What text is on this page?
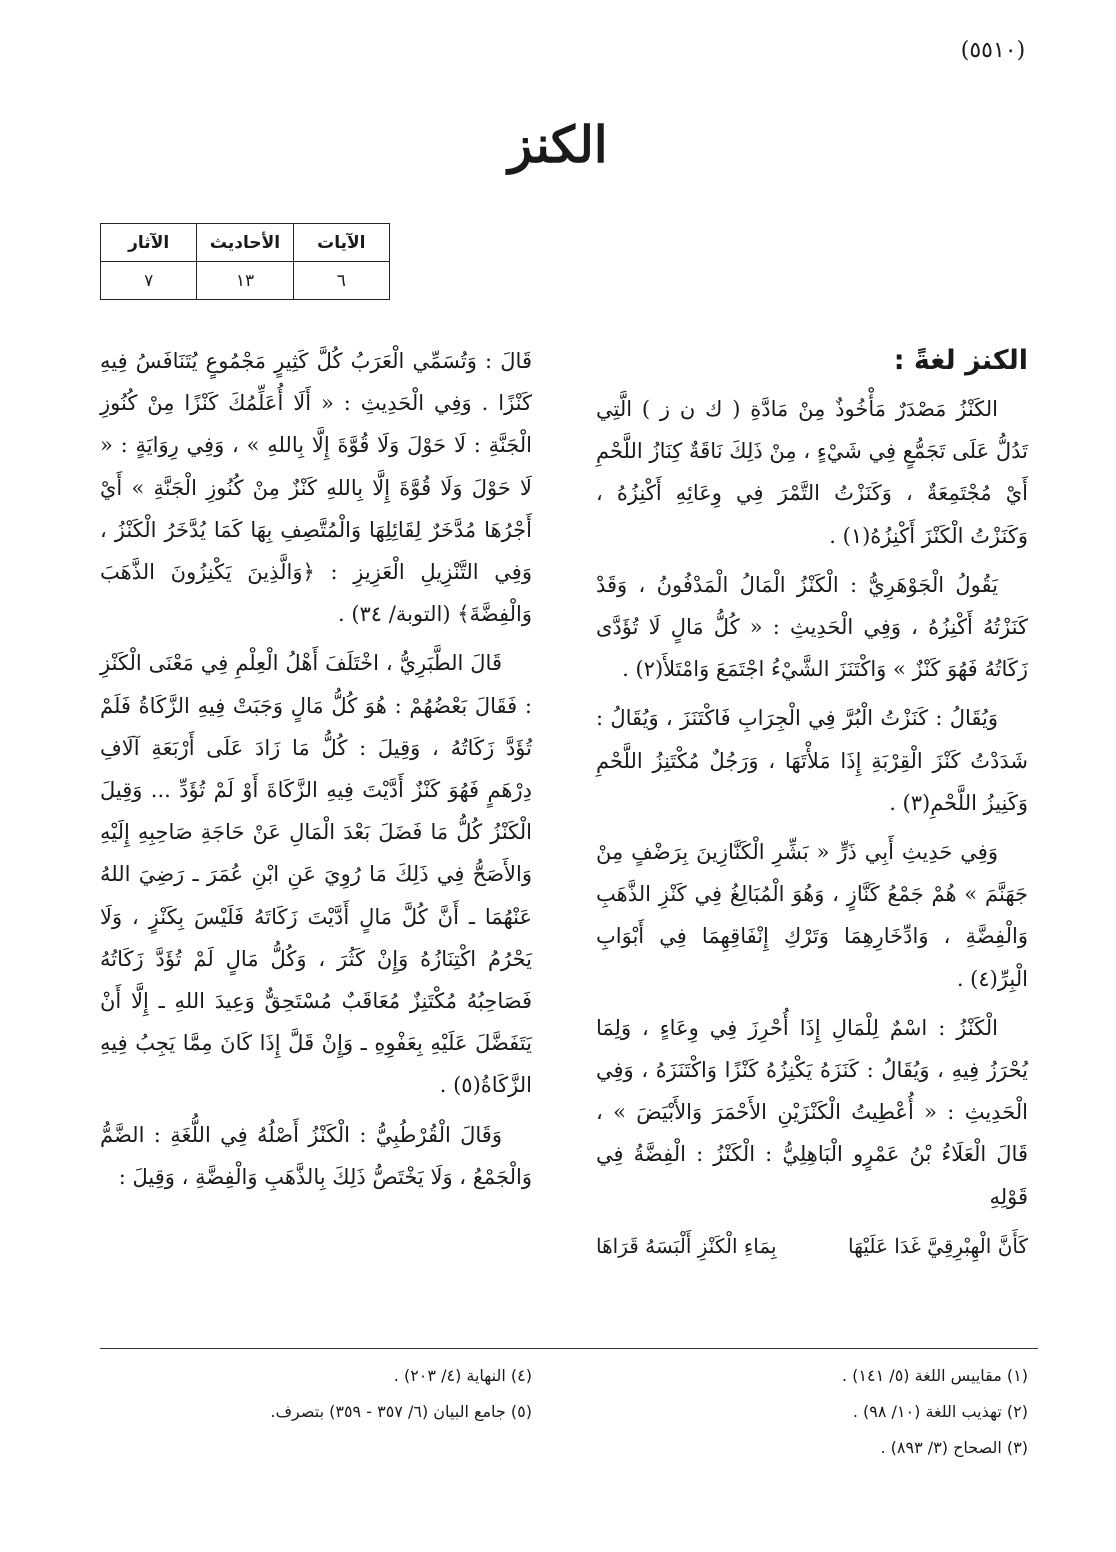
(٥٥١٠)
الكنز
الآيات	الأحاديث	الآثار
٦	١٣	٧
الكنز لغةً :

الكَنْزُ مَصْدَرٌ مَأْخُوذٌ مِنْ مَادَّةِ ( ك ن ز ) الَّتِي تَدُلُّ عَلَى تَجَمُّعٍ فِي شَيْءٍ ، مِنْ ذَلِكَ نَاقَةٌ كِنَازُ اللَّحْمِ أَيْ مُجْتَمِعَةٌ ، وَكَنَزْتُ التَّمْرَ فِي وِعَائِهِ أَكْنِزُهُ ، وَكَنَزْتُ الْكَنْزَ أَكْنِزُهُ(١) .

يَقُولُ الْجَوْهَرِيُّ : الْكَنْزُ الْمَالُ الْمَدْفُونُ ، وَقَدْ كَنَزْتُهُ أَكْنِزُهُ ، وَفِي الْحَدِيثِ : « كُلُّ مَالٍ لَا تُؤَدَّى زَكَاتُهُ فَهُوَ كَنْزٌ » وَاكْتَنَزَ الشَّيْءُ اجْتَمَعَ وَامْتَلأَ(٢) .

وَيُقَالُ : كَنَزْتُ الْبُرَّ فِي الْجِرَابِ فَاكْتَنَزَ ، وَيُقَالُ : شَدَدْتُ كَنْزَ الْقِرْبَةِ إِذَا مَلأْتَهَا ، وَرَجُلٌ مُكْتَنِزُ اللَّحْمِ وَكَنِيزُ اللَّحْمِ(٣) .

وَفِي حَدِيثِ أَبِي ذَرٍّ « بَشِّرِ الْكَنَّازِينَ بِرَضْفٍ مِنْ جَهَنَّمَ » هُمْ جَمْعُ كَنَّازٍ ، وَهُوَ الْمُبَالِغُ فِي كَنْزِ الذَّهَبِ وَالْفِضَّةِ ، وَادِّخَارِهِمَا وَتَرْكِ إِنْفَاقِهِمَا فِي أَبْوَابِ الْبِرِّ(٤) .

الْكَنْزُ : اسْمٌ لِلْمَالِ إِذَا أُحْرِزَ فِي وِعَاءٍ ، وَلِمَا يُحْرَزُ فِيهِ ، وَيُقَالُ : كَنَزَهُ يَكْنِزُهُ كَنْزًا وَاكْتَنَزَهُ ، وَفِي الْحَدِيثِ : « أُعْطِيتُ الْكَنْزَيْنِ الأَحْمَرَ وَالأَبْيَضَ » ، قَالَ الْعَلَاءُ بْنُ عَمْرٍو الْبَاهِلِيُّ : الْكَنْزُ : الْفِضَّةُ فِي قَوْلِهِ

كَأَنَّ الْهِبْرِقِيَّ غَدَا عَلَيْهَا
بِمَاءِ الْكَنْزِ أَلْبَسَهُ قَرَاهَا

قَالَ : وَتُسَمِّي الْعَرَبُ كُلَّ كَثِيرٍ مَجْمُوعٍ يُتَنَافَسُ فِيهِ كَنْزًا . وَفِي الْحَدِيثِ : « أَلَا أُعَلِّمُكَ كَنْزًا مِنْ كُنُوزِ الْجَنَّةِ : لَا حَوْلَ وَلَا قُوَّةَ إِلَّا بِاللهِ » ، وَفِي رِوَايَةٍ : « لَا حَوْلَ وَلَا قُوَّةَ إِلَّا بِاللهِ كَنْزٌ مِنْ كُنُوزِ الْجَنَّةِ » أَيْ أَجْرُهَا مُدَّخَرٌ لِقَائِلِهَا وَالْمُتَّصِفِ بِهَا كَمَا يُدَّخَرُ الْكَنْزُ ، وَفِي التَّنْزِيلِ الْعَزِيزِ : ﴿وَالَّذِينَ يَكْنِزُونَ الذَّهَبَ وَالْفِضَّةَ﴾ (التوبة/ ٣٤) .

قَالَ الطَّبَرِيُّ ، اخْتَلَفَ أَهْلُ الْعِلْمِ فِي مَعْنَى الْكَنْزِ : فَقَالَ بَعْضُهُمْ : هُوَ كُلُّ مَالٍ وَجَبَتْ فِيهِ الزَّكَاةُ فَلَمْ تُؤَدَّ زَكَاتُهُ ، وَقِيلَ : كُلُّ مَا زَادَ عَلَى أَرْبَعَةِ آلَافِ دِرْهَمٍ فَهُوَ كَنْزٌ أَدَّيْتَ فِيهِ الزَّكَاةَ أَوْ لَمْ تُؤَدِّ ... وَقِيلَ الْكَنْزُ كُلُّ مَا فَضَلَ بَعْدَ الْمَالِ عَنْ حَاجَةِ صَاحِبِهِ إِلَيْهِ وَالأَصَحُّ فِي ذَلِكَ مَا رُوِيَ عَنِ ابْنِ عُمَرَ ـ رَضِيَ اللهُ عَنْهُمَا ـ أَنَّ كُلَّ مَالٍ أَدَّيْتَ زَكَاتَهُ فَلَيْسَ بِكَنْزٍ ، وَلَا يَحْرُمُ اكْتِنَازُهُ وَإِنْ كَثُرَ ، وَكُلُّ مَالٍ لَمْ تُؤَدَّ زَكَاتُهُ فَصَاحِبُهُ مُكْتَنِزٌ مُعَاقَبٌ مُسْتَحِقٌّ وَعِيدَ اللهِ ـ إِلَّا أَنْ يَتَفَضَّلَ عَلَيْهِ بِعَفْوِهِ ـ وَإِنْ قَلَّ إِذَا كَانَ مِمَّا يَجِبُ فِيهِ الزَّكَاةُ(٥) .

وَقَالَ الْقُرْطُبِيُّ : الْكَنْزُ أَصْلُهُ فِي اللُّغَةِ : الضَّمُّ وَالْجَمْعُ ، وَلَا يَخْتَصُّ ذَلِكَ بِالذَّهَبِ وَالْفِضَّةِ ، وَقِيلَ :

(١) مقاييس اللغة (٥/ ١٤١) .
(٢) تهذيب اللغة (١٠/ ٩٨) .
(٣) الصحاح (٣/ ٨٩٣) .
(٤) النهاية (٤/ ٢٠٣) .
(٥) جامع البيان (٦/ ٣٥٧ - ٣٥٩) بتصرف.
